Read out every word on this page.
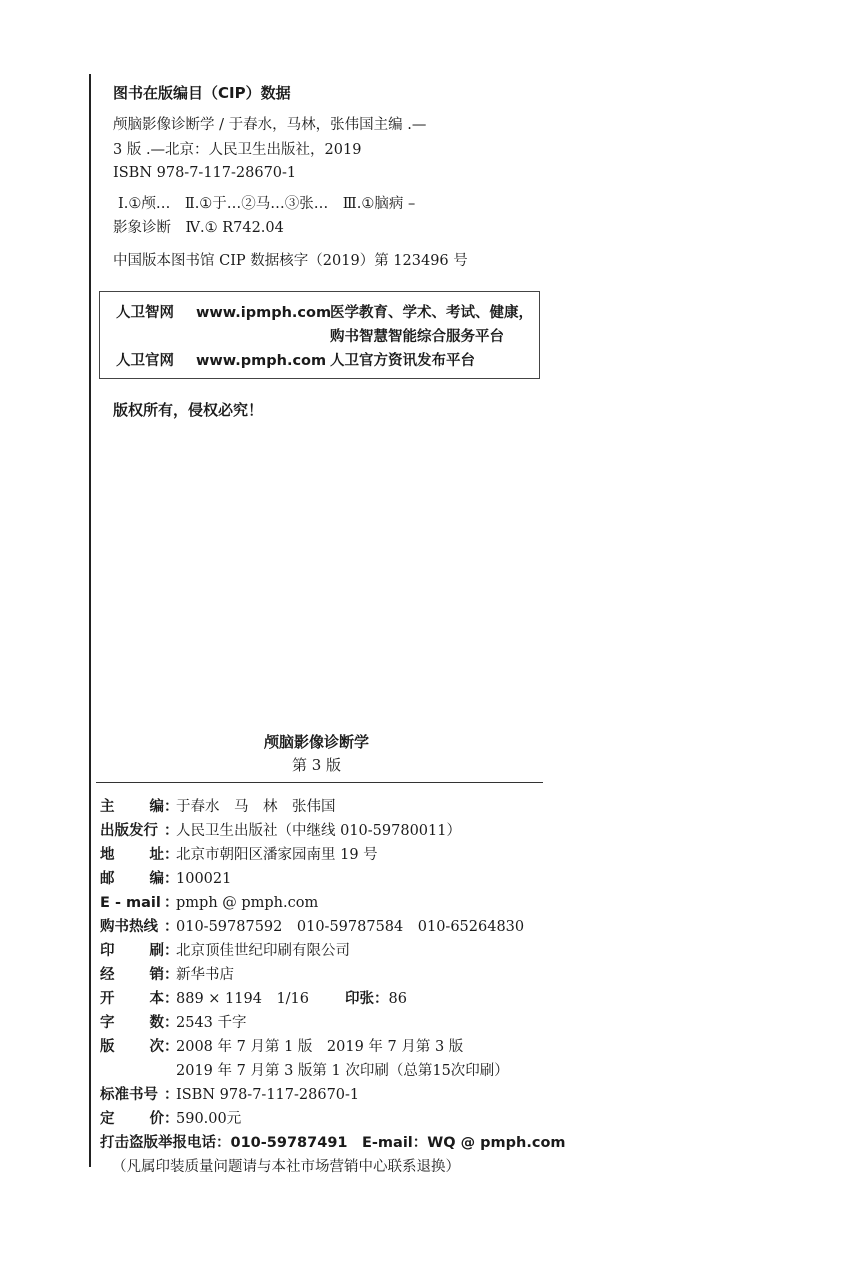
图书在版编目（CIP）数据
颅脑影像诊断学 / 于春水，马林，张伟国主编 .—
3 版 .—北京：人民卫生出版社，2019
ISBN 978-7-117-28670-1
Ⅰ.①颅…　Ⅱ.①于…②马…③张…　Ⅲ.①脑病 –
影象诊断　Ⅳ.① R742.04
中国版本图书馆 CIP 数据核字（2019）第 123496 号
人卫智网 www.ipmph.com
医学教育、学术、考试、健康，
购书智慧智能综合服务平台
人卫官网 www.pmph.com 人卫官方资讯发布平台
版权所有，侵权必究！
颅脑影像诊断学
第 3 版
主 编 ：于春水　马　林　张伟国
出版发行 ：人民卫生出版社（中继线 010-59780011）
地 址 ：北京市朝阳区潘家园南里 19 号
邮 编 ：100021
E - mail ：pmph @ pmph.com
购书热线 ：010-59787592　010-59787584　010-65264830
印 刷 ：北京顶佳世纪印刷有限公司
经 销 ：新华书店
开 本 ：889 × 1194　1/16 印张：86
字 数 ：2543 千字
版 次 ：2008 年 7 月第 1 版　2019 年 7 月第 3 版
2019 年 7 月第 3 版第 1 次印刷（总第15次印刷）
标准书号 ：ISBN 978-7-117-28670-1
定 价 ：590.00元
打击盗版举报电话：010-59787491　E-mail：WQ @ pmph.com
（凡属印装质量问题请与本社市场营销中心联系退换）
